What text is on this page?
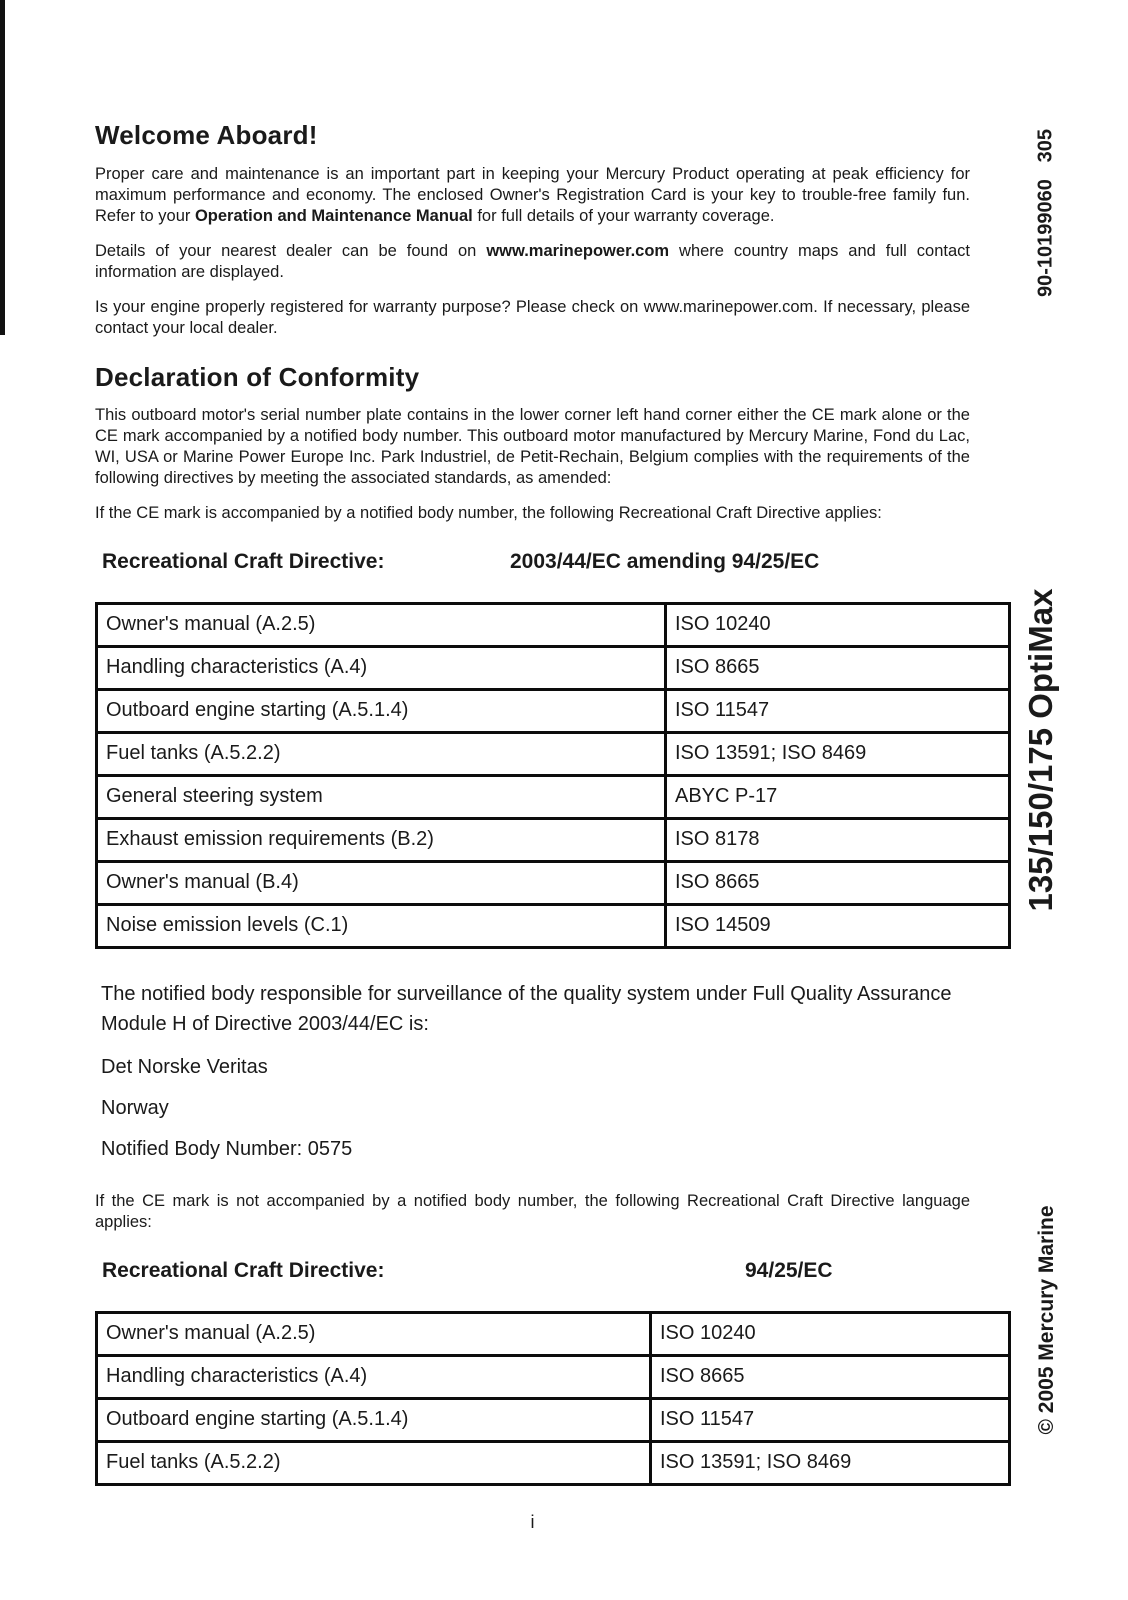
Welcome Aboard!

Proper care and maintenance is an important part in keeping your Mercury Product operating at peak efficiency for maximum performance and economy. The enclosed Owner's Registration Card is your key to trouble-free family fun. Refer to your Operation and Maintenance Manual for full details of your warranty coverage.

Details of your nearest dealer can be found on www.marinepower.com where country maps and full contact information are displayed.

Is your engine properly registered for warranty purpose? Please check on www.marinepower.com. If necessary, please contact your local dealer.

Declaration of Conformity

This outboard motor's serial number plate contains in the lower corner left hand corner either the CE mark alone or the CE mark accompanied by a notified body number. This outboard motor manufactured by Mercury Marine, Fond du Lac, WI, USA or Marine Power Europe Inc. Park Industriel, de Petit-Rechain, Belgium complies with the requirements of the following directives by meeting the associated standards, as amended:

If the CE mark is accompanied by a notified body number, the following Recreational Craft Directive applies:

Recreational Craft Directive:	2003/44/EC amending 94/25/EC
Owner's manual (A.2.5)	ISO 10240
Handling characteristics (A.4)	ISO 8665
Outboard engine starting (A.5.1.4)	ISO 11547
Fuel tanks (A.5.2.2)	ISO 13591; ISO 8469
General steering system	ABYC P-17
Exhaust emission requirements (B.2)	ISO 8178
Owner's manual (B.4)	ISO 8665
Noise emission levels (C.1)	ISO 14509

The notified body responsible for surveillance of the quality system under Full Quality Assurance Module H of Directive 2003/44/EC is:

Det Norske Veritas

Norway

Notified Body Number: 0575

If the CE mark is not accompanied by a notified body number, the following Recreational Craft Directive language applies:

Recreational Craft Directive:	94/25/EC
Owner's manual (A.2.5)	ISO 10240
Handling characteristics (A.4)	ISO 8665
Outboard engine starting (A.5.1.4)	ISO 11547
Fuel tanks (A.5.2.2)	ISO 13591; ISO 8469
90-10199060   305
135/150/175 OptiMax
© 2005 Mercury Marine
i
